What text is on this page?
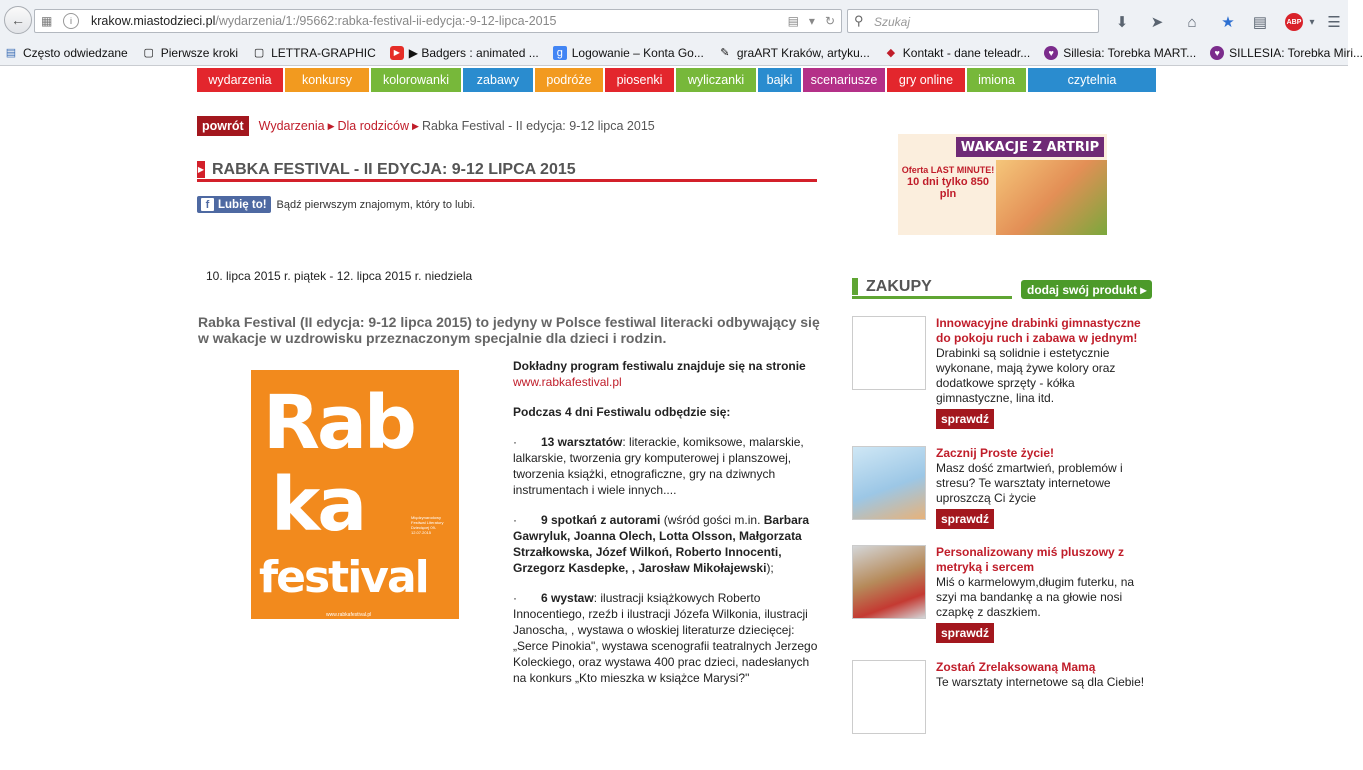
← ▦	i	krakow.miastodzieci.pl/wydarzenia/1:/95662:rabka-festival-ii-edycja:-9-12-lipca-2015	▤ ▾ ↻ ⚲ Szukaj	⬇ ➤	⌂	★ ▤	ABP ▾ ☰
▤ Często odwiedzane ▢ Pierwsze kroki ▢ LETTRA-GRAPHIC	▶ ▶ Badgers : animated ...	g Logowanie – Konta Go... ✎ graART Kraków, artyku... ◆ Kontakt - dane teleadr...	♥ Sillesia: Torebka MART...	♥ SILLESIA: Torebka Miri...
wydarzenia	konkursy	kolorowanki	zabawy	podróże	piosenki	wyliczanki	bajki	scenariusze	gry online	imiona	czytelnia
powrót	Wydarzenia ▶ Dla rodziców ▶ Rabka Festival - II edycja: 9-12 lipca 2015
▶ RABKA FESTIVAL - II EDYCJA: 9-12 LIPCA 2015
f Lubię to! Bądź pierwszym znajomym, który to lubi.
10. lipca 2015 r. piątek - 12. lipca 2015 r. niedziela
Rabka Festival (II edycja: 9-12 lipca 2015) to jedyny w Polsce festiwal literacki odbywający się w wakacje w uzdrowisku przeznaczonym specjalnie dla dzieci i rodzin.
Rab
ka
festival
Międzynarodowy Festiwal Literatury Dziecięcej 09-12.07.2015
www.rabkafestival.pl

Dokładny program festiwalu znajduje się na stronie
www.rabkafestival.pl

Podczas 4 dni Festiwalu odbędzie się:

· 13 warsztatów: literackie, komiksowe, malarskie, lalkarskie, tworzenia gry komputerowej i planszowej, tworzenia książki, etnograficzne, gry na dziwnych instrumentach i wiele innych....

· 9 spotkań z autorami (wśród gości m.in. Barbara Gawryluk, Joanna Olech, Lotta Olsson, Małgorzata Strzałkowska, Józef Wilkoń, Roberto Innocenti, Grzegorz Kasdepke, , Jarosław Mikołajewski);

· 6 wystaw: ilustracji książkowych Roberto Innocentiego, rzeźb i ilustracji Józefa Wilkonia, ilustracji Janoscha, , wystawa o włoskiej literaturze dziecięcej: „Serce Pinokia", wystawa scenografii teatralnych Jerzego Koleckiego, oraz wystawa 400 prac dzieci, nadesłanych na konkurs „Kto mieszka w książce Marysi?"

WAKACJE Z ARTRIP
Oferta LAST MINUTE!
10 dni tylko 850 pln
ZAKUPY	dodaj swój produkt
▸
Innowacyjne drabinki gimnastyczne do pokoju ruch i zabawa w jednym!
Drabinki są solidnie i estetycznie wykonane, mają żywe kolory oraz dodatkowe sprzęty - kółka gimnastyczne, lina itd.
sprawdź
Zacznij Proste życie!
Masz dość zmartwień, problemów i stresu? Te warsztaty internetowe uproszczą Ci życie
sprawdź
Personalizowany miś pluszowy z metryką i sercem
Miś o karmelowym,długim futerku, na szyi ma bandankę a na głowie nosi czapkę z daszkiem.
sprawdź
Zostań Zrelaksowaną Mamą
Te warsztaty internetowe są dla Ciebie!
